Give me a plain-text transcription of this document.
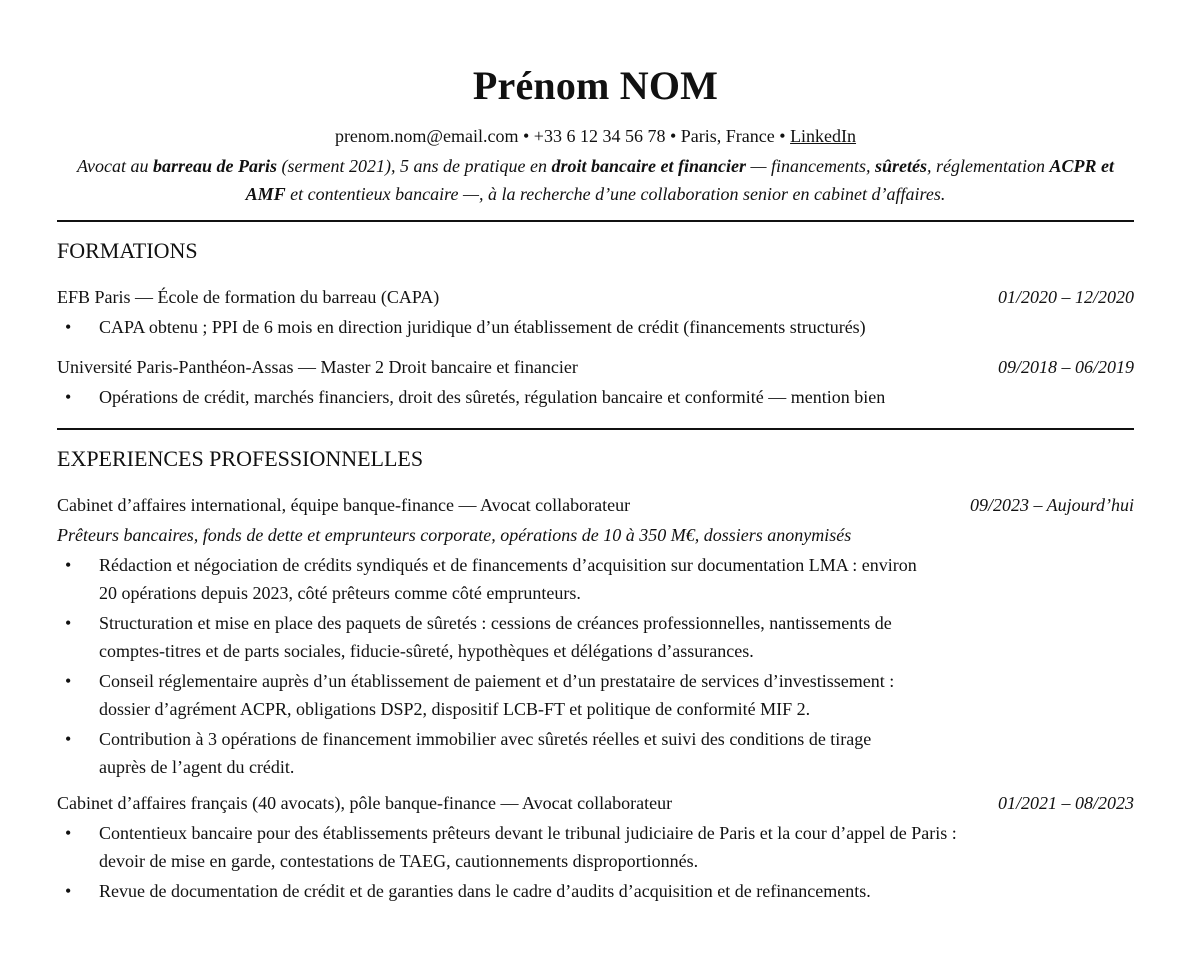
Prénom NOM
prenom.nom@email.com • +33 6 12 34 56 78 • Paris, France • LinkedIn
Avocat au barreau de Paris (serment 2021), 5 ans de pratique en droit bancaire et financier — financements, sûretés, réglementation ACPR et AMF et contentieux bancaire —, à la recherche d’une collaboration senior en cabinet d’affaires.
FORMATIONS
EFB Paris — École de formation du barreau (CAPA)	01/2020 – 12/2020
• CAPA obtenu ; PPI de 6 mois en direction juridique d’un établissement de crédit (financements structurés)
Université Paris-Panthéon-Assas — Master 2 Droit bancaire et financier	09/2018 – 06/2019
• Opérations de crédit, marchés financiers, droit des sûretés, régulation bancaire et conformité — mention bien
EXPERIENCES PROFESSIONNELLES
Cabinet d’affaires international, équipe banque-finance — Avocat collaborateur	09/2023 – Aujourd’hui
Prêteurs bancaires, fonds de dette et emprunteurs corporate, opérations de 10 à 350 M€, dossiers anonymisés
• Rédaction et négociation de crédits syndiqués et de financements d’acquisition sur documentation LMA : environ 20 opérations depuis 2023, côté prêteurs comme côté emprunteurs.
• Structuration et mise en place des paquets de sûretés : cessions de créances professionnelles, nantissements de comptes-titres et de parts sociales, fiducie-sûreté, hypothèques et délégations d’assurances.
• Conseil réglementaire auprès d’un établissement de paiement et d’un prestataire de services d’investissement : dossier d’agrément ACPR, obligations DSP2, dispositif LCB-FT et politique de conformité MIF 2.
• Contribution à 3 opérations de financement immobilier avec sûretés réelles et suivi des conditions de tirage auprès de l’agent du crédit.
Cabinet d’affaires français (40 avocats), pôle banque-finance — Avocat collaborateur	01/2021 – 08/2023
• Contentieux bancaire pour des établissements prêteurs devant le tribunal judiciaire de Paris et la cour d’appel de Paris : devoir de mise en garde, contestations de TAEG, cautionnements disproportionnés.
• Revue de documentation de crédit et de garanties dans le cadre d’audits d’acquisition et de refinancements.
